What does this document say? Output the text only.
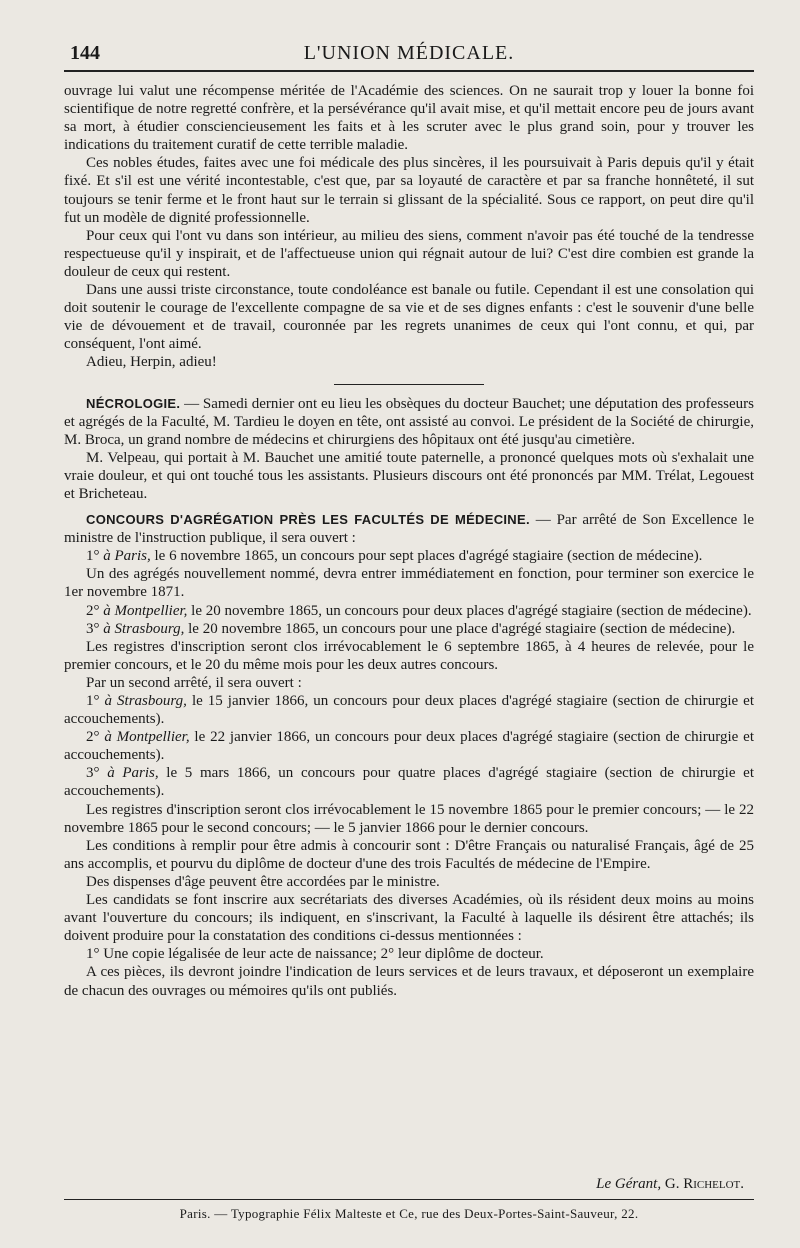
144	L'UNION MÉDICALE.

ouvrage lui valut une récompense méritée de l'Académie des sciences. On ne saurait trop y louer la bonne foi scientifique de notre regretté confrère, et la persévérance qu'il avait mise, et qu'il mettait encore peu de jours avant sa mort, à étudier consciencieusement les faits et à les scruter avec le plus grand soin, pour y trouver les indications du traitement curatif de cette terrible maladie.

Ces nobles études, faites avec une foi médicale des plus sincères, il les poursuivait à Paris depuis qu'il y était fixé. Et s'il est une vérité incontestable, c'est que, par sa loyauté de caractère et par sa franche honnêteté, il sut toujours se tenir ferme et le front haut sur le terrain si glissant de la spécialité. Sous ce rapport, on peut dire qu'il fut un modèle de dignité professionnelle.

Pour ceux qui l'ont vu dans son intérieur, au milieu des siens, comment n'avoir pas été touché de la tendresse respectueuse qu'il y inspirait, et de l'affectueuse union qui régnait autour de lui? C'est dire combien est grande la douleur de ceux qui restent.

Dans une aussi triste circonstance, toute condoléance est banale ou futile. Cependant il est une consolation qui doit soutenir le courage de l'excellente compagne de sa vie et de ses dignes enfants : c'est le souvenir d'une belle vie de dévouement et de travail, couronnée par les regrets unanimes de ceux qui l'ont connu, et qui, par conséquent, l'ont aimé.

Adieu, Herpin, adieu!

NÉCROLOGIE. — Samedi dernier ont eu lieu les obsèques du docteur Bauchet; une députation des professeurs et agrégés de la Faculté, M. Tardieu le doyen en tête, ont assisté au convoi. Le président de la Société de chirurgie, M. Broca, un grand nombre de médecins et chirurgiens des hôpitaux ont été jusqu'au cimetière.

M. Velpeau, qui portait à M. Bauchet une amitié toute paternelle, a prononcé quelques mots où s'exhalait une vraie douleur, et qui ont touché tous les assistants. Plusieurs discours ont été prononcés par MM. Trélat, Legouest et Bricheteau.

CONCOURS D'AGRÉGATION PRÈS LES FACULTÉS DE MÉDECINE. — Par arrêté de Son Excellence le ministre de l'instruction publique, il sera ouvert :

1° à Paris, le 6 novembre 1865, un concours pour sept places d'agrégé stagiaire (section de médecine).

Un des agrégés nouvellement nommé, devra entrer immédiatement en fonction, pour terminer son exercice le 1er novembre 1871.

2° à Montpellier, le 20 novembre 1865, un concours pour deux places d'agrégé stagiaire (section de médecine).

3° à Strasbourg, le 20 novembre 1865, un concours pour une place d'agrégé stagiaire (section de médecine).

Les registres d'inscription seront clos irrévocablement le 6 septembre 1865, à 4 heures de relevée, pour le premier concours, et le 20 du même mois pour les deux autres concours.

Par un second arrêté, il sera ouvert :

1° à Strasbourg, le 15 janvier 1866, un concours pour deux places d'agrégé stagiaire (section de chirurgie et accouchements).

2° à Montpellier, le 22 janvier 1866, un concours pour deux places d'agrégé stagiaire (section de chirurgie et accouchements).

3° à Paris, le 5 mars 1866, un concours pour quatre places d'agrégé stagiaire (section de chirurgie et accouchements).

Les registres d'inscription seront clos irrévocablement le 15 novembre 1865 pour le premier concours; — le 22 novembre 1865 pour le second concours; — le 5 janvier 1866 pour le dernier concours.

Les conditions à remplir pour être admis à concourir sont : D'être Français ou naturalisé Français, âgé de 25 ans accomplis, et pourvu du diplôme de docteur d'une des trois Facultés de médecine de l'Empire.

Des dispenses d'âge peuvent être accordées par le ministre.

Les candidats se font inscrire aux secrétariats des diverses Académies, où ils résident deux moins au moins avant l'ouverture du concours; ils indiquent, en s'inscrivant, la Faculté à laquelle ils désirent être attachés; ils doivent produire pour la constatation des conditions ci-dessus mentionnées :

1° Une copie légalisée de leur acte de naissance; 2° leur diplôme de docteur.

A ces pièces, ils devront joindre l'indication de leurs services et de leurs travaux, et déposeront un exemplaire de chacun des ouvrages ou mémoires qu'ils ont publiés.

Le Gérant, G. Richelot.
Paris. — Typographie Félix Malteste et Ce, rue des Deux-Portes-Saint-Sauveur, 22.
